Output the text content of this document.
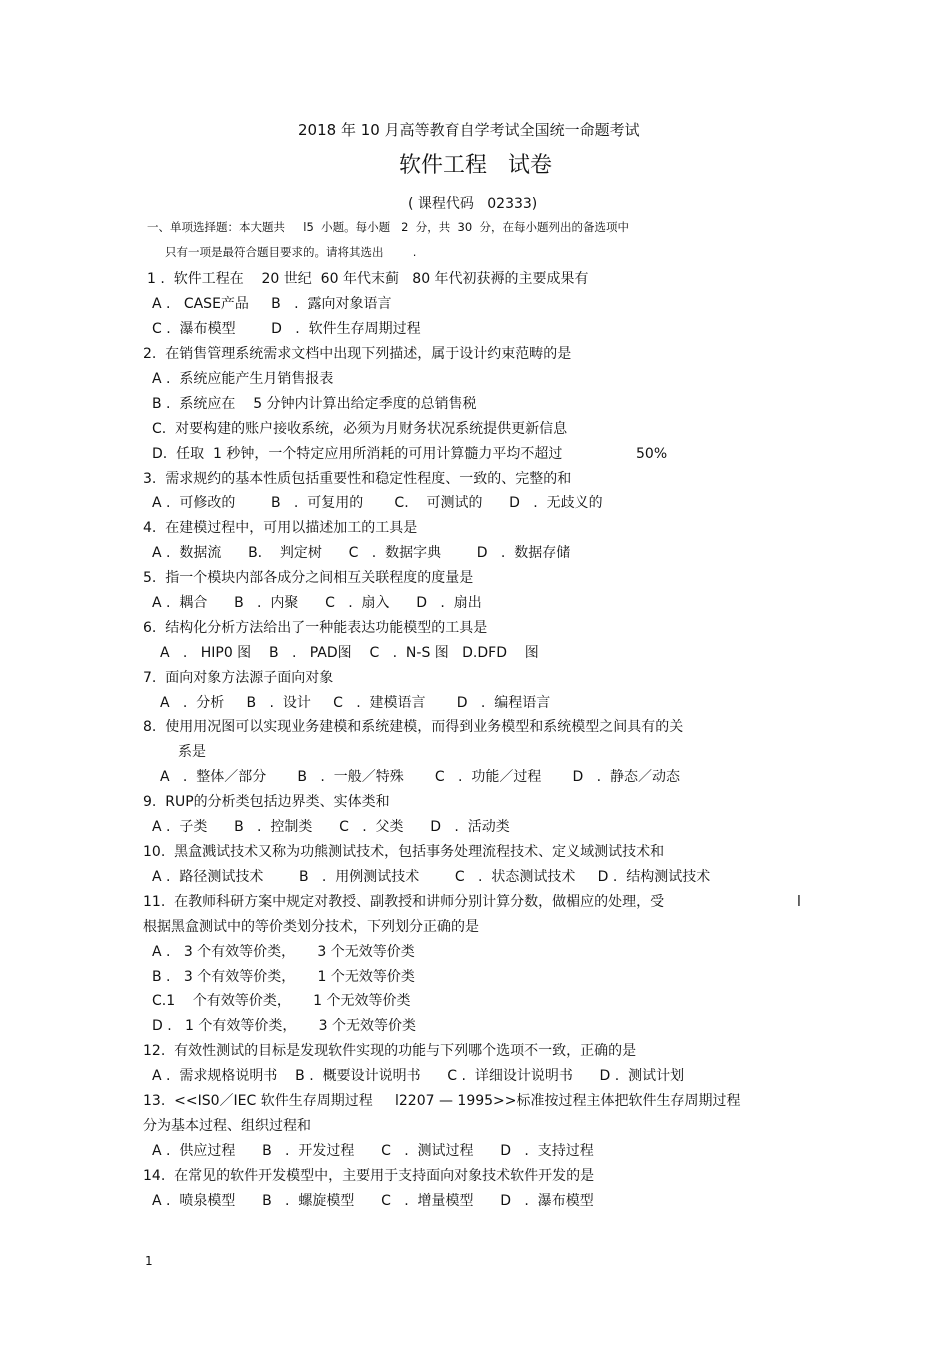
2018 年 10 月高等教育自学考试全国统一命题考试
软件工程   试卷
( 课程代码   02333)
一、单项选择题：本大题共     l5  小题。每小题   2  分，共  30  分，在每小题列出的备选项中
只有一项是最符合题目要求的。请将其选出        .
1 .  软件工程在    20 世纪  60 年代末蓟   80 年代初获褥的主要成果有
A .   CASE产品     B   .  露向对象语言
C .  瀑布模型        D   .  软件生存周期过程
2.  在销售管理系统需求文档中出现下列描述，属于设计约束范畴的是
A .  系统应能产生月销售报表
B .  系统应在    5 分钟内计算出给定季度的总销售税
C.  对要构建的账户接收系统，必须为月财务状况系统提供更新信息
D.  任取  1 秒钟，一个特定应用所消耗的可用计算髓力平均不超过	50%
3.  需求规约的基本性质包括重要性和稳定性程度、一致的、完整的和
A .  可修改的        B   .  可复用的       C.    可测试的      D   .  无歧义的
4.  在建模过程中，可用以描述加工的工具是
A .  数据流      B.    判定树      C   .  数据字典        D   .  数据存储
5.  指一个模块内部各成分之间相互关联程度的度量是
A .  耦合      B   .  内聚      C   .  扇入      D   .  扇出
6.  结构化分析方法给出了一种能表达功能模型的工具是
A   .   HIP0 图    B   .   PAD图    C   .  N-S 图   D.DFD    图
7.  面向对象方法源子面向对象
A   .  分析     B   .  设计     C   .  建模语言       D   .  编程语言
8.  使用用况图可以实现业务建模和系统建模，而得到业务模型和系统模型之间具有的关
系是
A   .  整体／部分       B   .  一般／特殊       C   .  功能／过程       D   .  静态／动态
9.  RUP的分析类包括边界类、实体类和
A .  子类      B   .  控制类      C   .  父类      D   .  活动类
10.  黑盒溅试技术又称为功熊测试技术，包括事务处理流程技术、定义域测试技术和
A .  路径测试技术        B   .  用例测试技术        C   .  状态测试技术     D .  结构测试技术
11.  在教师科研方案中规定对教授、副教授和讲师分别计算分数，做楣应的处理，受	l
根据黑盒测试中的等价类划分技术，下列划分正确的是
A .   3 个有效等价类，     3 个无效等价类
B .   3 个有效等价类，     1 个无效等价类
C.1    个有效等价类，     1 个无效等价类
D .   1 个有效等价类，     3 个无效等价类
12.  有效性测试的目标是发现软件实现的功能与下列哪个选项不一致，正确的是
A .  需求规格说明书    B .  概要设计说明书      C .  详细设计说明书      D .  测试计划
13.  <<IS0／IEC 软件生存周期过程     l2207 — 1995>>标准按过程主体把软件生存周期过程
分为基本过程、组织过程和
A .  供应过程      B   .  开发过程      C   .  测试过程      D   .  支持过程
14.  在常见的软件开发模型中，主要用于支持面向对象技术软件开发的是
A .  喷泉模型      B   .  螺旋模型      C   .  增量模型      D   .  瀑布模型
1
